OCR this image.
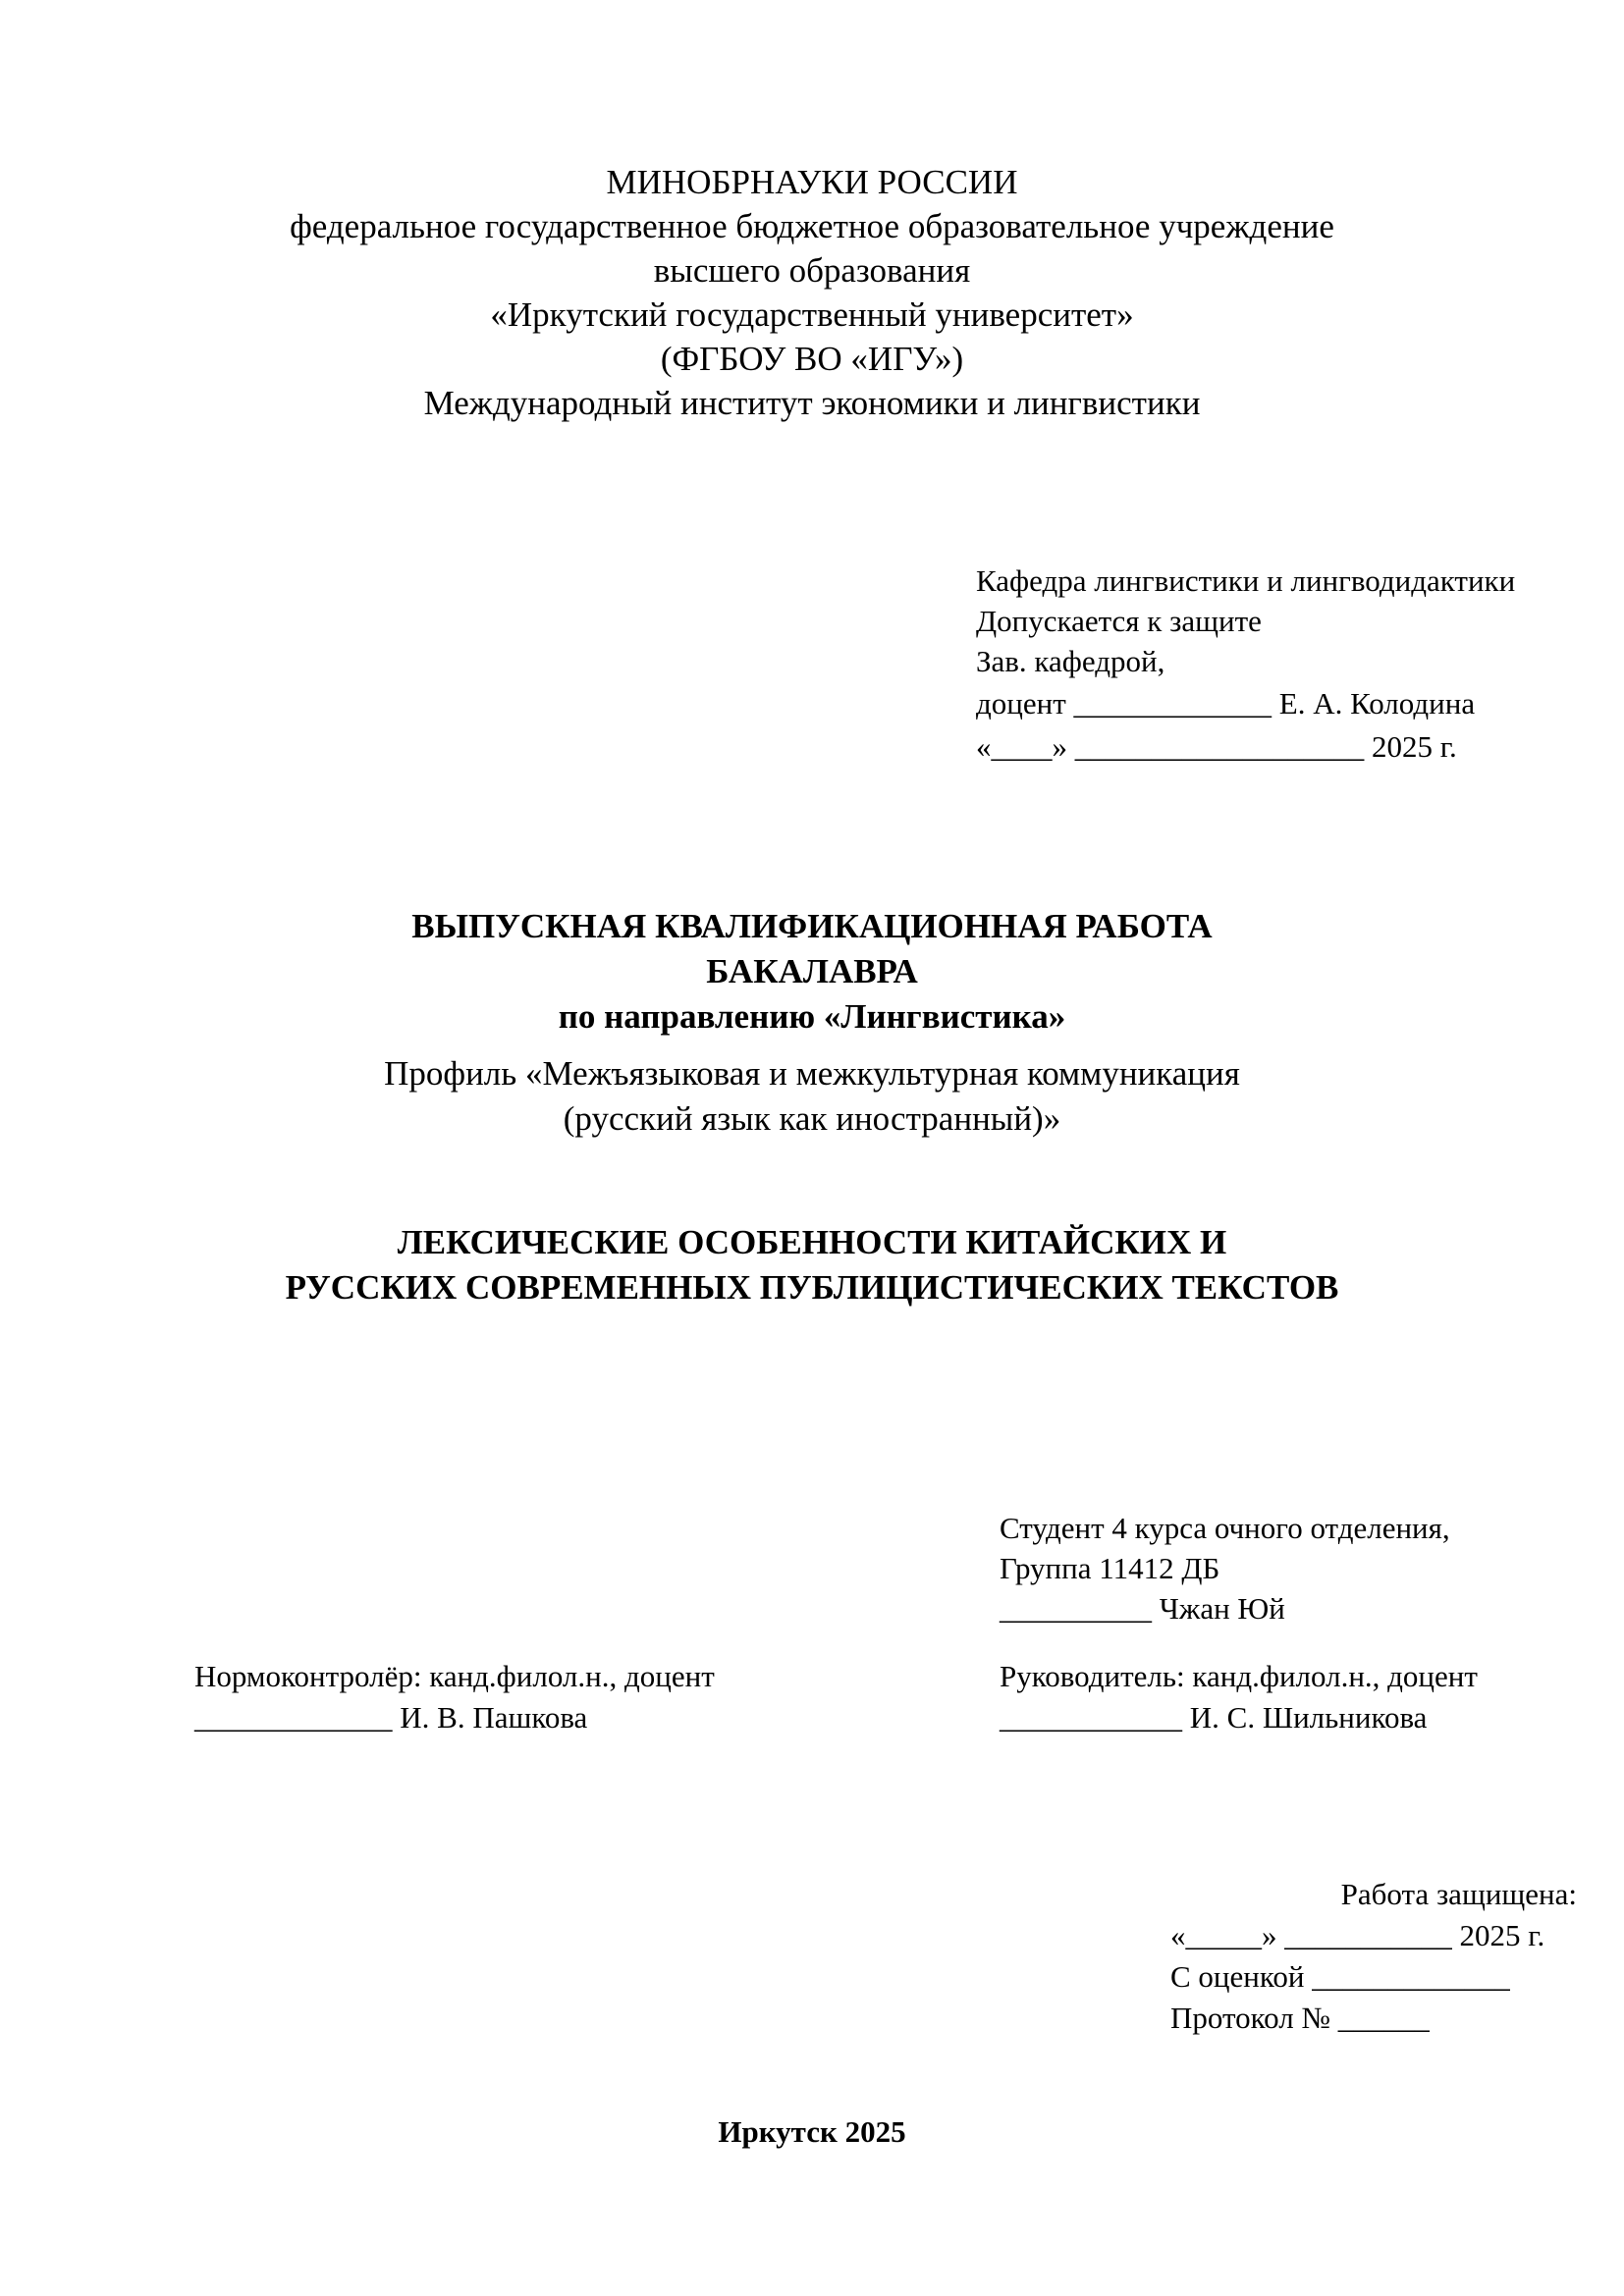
МИНОБРНАУКИ РОССИИ
федеральное государственное бюджетное образовательное учреждение
высшего образования
«Иркутский государственный университет»
(ФГБОУ ВО «ИГУ»)
Международный институт экономики и лингвистики
Кафедра лингвистики и лингводидактики
Допускается к защите
Зав. кафедрой,
доцент _____________ Е. А. Колодина
«____» ___________________ 2025 г.
ВЫПУСКНАЯ КВАЛИФИКАЦИОННАЯ РАБОТА
БАКАЛАВРА
по направлению «Лингвистика»
Профиль «Межъязыковая и межкультурная коммуникация
(русский язык как иностранный)»
ЛЕКСИЧЕСКИЕ ОСОБЕННОСТИ КИТАЙСКИХ И
РУССКИХ СОВРЕМЕННЫХ ПУБЛИЦИСТИЧЕСКИХ ТЕКСТОВ
Студент 4 курса очного отделения,
Группа 11412 ДБ
__________ Чжан Юй
Нормоконтролёр: канд.филол.н., доцент
_____________ И. В. Пашкова
Руководитель: канд.филол.н., доцент
____________ И. С. Шильникова
Работа защищена:
«_____» ___________ 2025 г.
С оценкой _____________
Протокол № ______
Иркутск 2025
